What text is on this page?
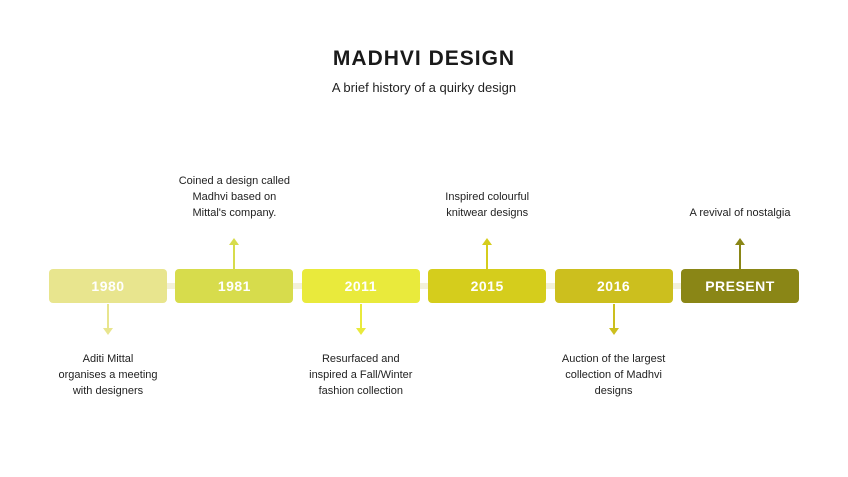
MADHVI DESIGN
A brief history of a quirky design
1980
Aditi Mittal
organises a meeting
with designers
1981
Coined a design called
Madhvi based on
Mittal's company.
2011
Resurfaced and
inspired a Fall/Winter
fashion collection
2015
Inspired colourful
knitwear designs
2016
Auction of the largest
collection of Madhvi
designs
PRESENT
A revival of nostalgia
